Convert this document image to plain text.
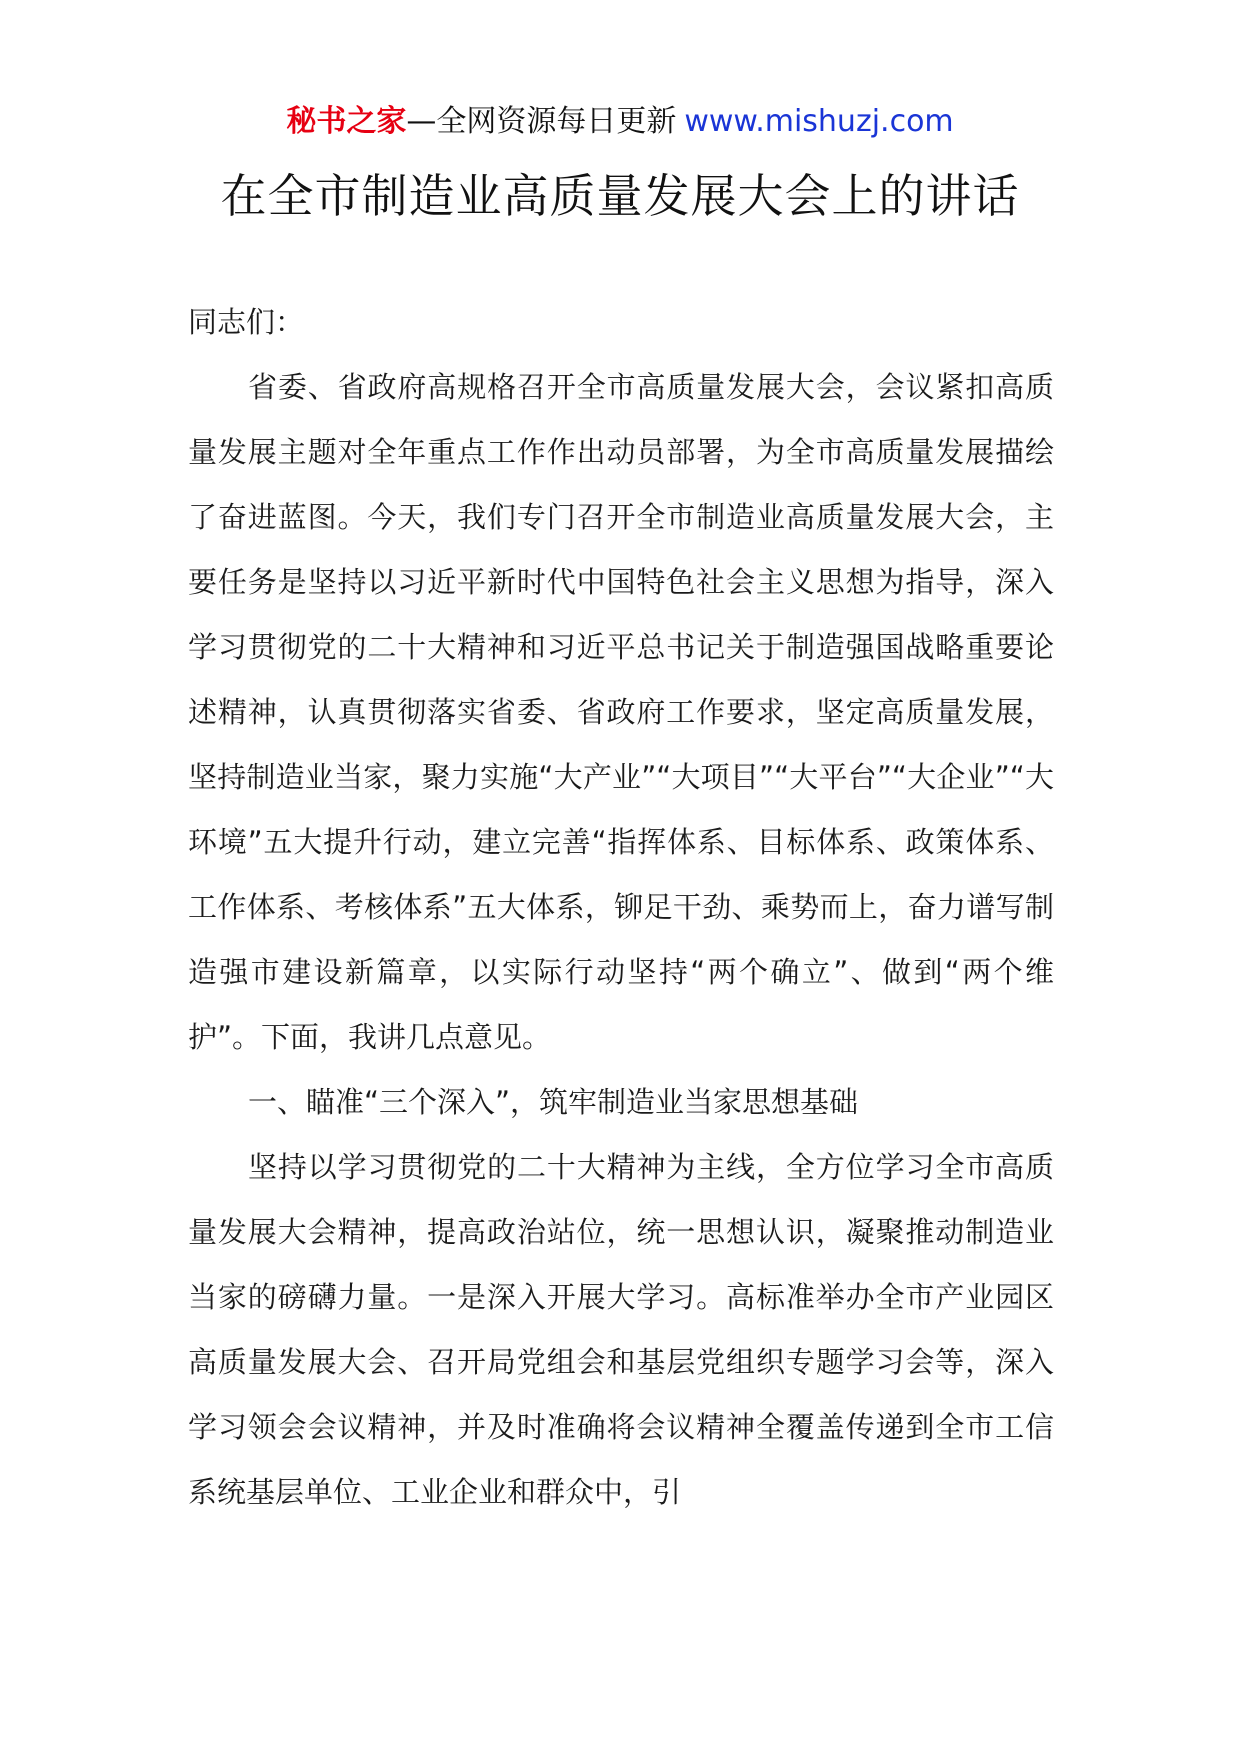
秘书之家—全网资源每日更新 www.mishuzj.com
在全市制造业高质量发展大会上的讲话

同志们：

省委、省政府高规格召开全市高质量发展大会，会议紧扣高质量发展主题对全年重点工作作出动员部署，为全市高质量发展描绘了奋进蓝图。今天，我们专门召开全市制造业高质量发展大会，主要任务是坚持以习近平新时代中国特色社会主义思想为指导，深入学习贯彻党的二十大精神和习近平总书记关于制造强国战略重要论述精神，认真贯彻落实省委、省政府工作要求，坚定高质量发展，坚持制造业当家，聚力实施“大产业”“大项目”“大平台”“大企业”“大环境”五大提升行动，建立完善“指挥体系、目标体系、政策体系、工作体系、考核体系”五大体系，铆足干劲、乘势而上，奋力谱写制造强市建设新篇章，以实际行动坚持“两个确立”、做到“两个维护”。下面，我讲几点意见。

一、瞄准“三个深入”，筑牢制造业当家思想基础

坚持以学习贯彻党的二十大精神为主线，全方位学习全市高质量发展大会精神，提高政治站位，统一思想认识，凝聚推动制造业当家的磅礴力量。一是深入开展大学习。高标准举办全市产业园区高质量发展大会、召开局党组会和基层党组织专题学习会等，深入学习领会会议精神，并及时准确将会议精神全覆盖传递到全市工信系统基层单位、工业企业和群众中，引
